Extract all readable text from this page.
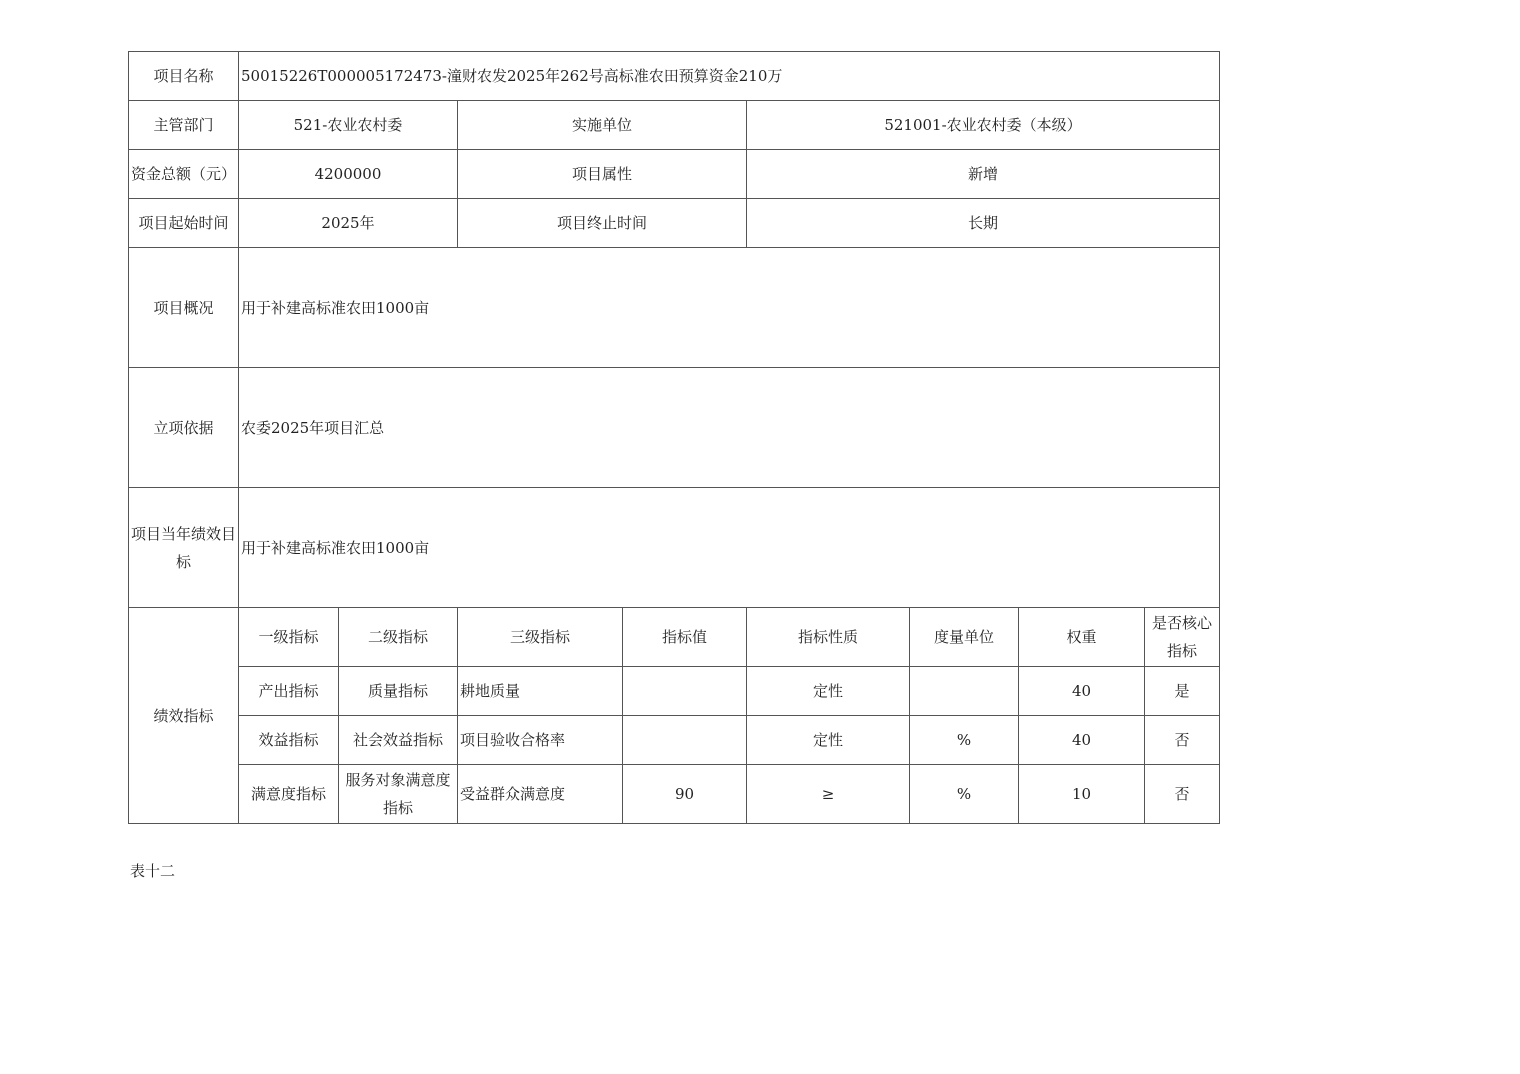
项目名称	50015226T000005172473-潼财农发2025年262号高标准农田预算资金210万							
主管部门	521-农业农村委		实施单位		521001-农业农村委（本级）			
资金总额（元）	4200000		项目属性		新增			
项目起始时间	2025年		项目终止时间		长期			
项目概况	用于补建高标准农田1000亩							
立项依据	农委2025年项目汇总							
项目当年绩效目标	用于补建高标准农田1000亩							
绩效指标	一级指标	二级指标	三级指标	指标值	指标性质	度量单位	权重	是否核心指标
	产出指标	质量指标	耕地质量		定性		40	是
	效益指标	社会效益指标	项目验收合格率		定性	%	40	否
	满意度指标	服务对象满意度指标	受益群众满意度	90	≥	%	10	否
表十二
